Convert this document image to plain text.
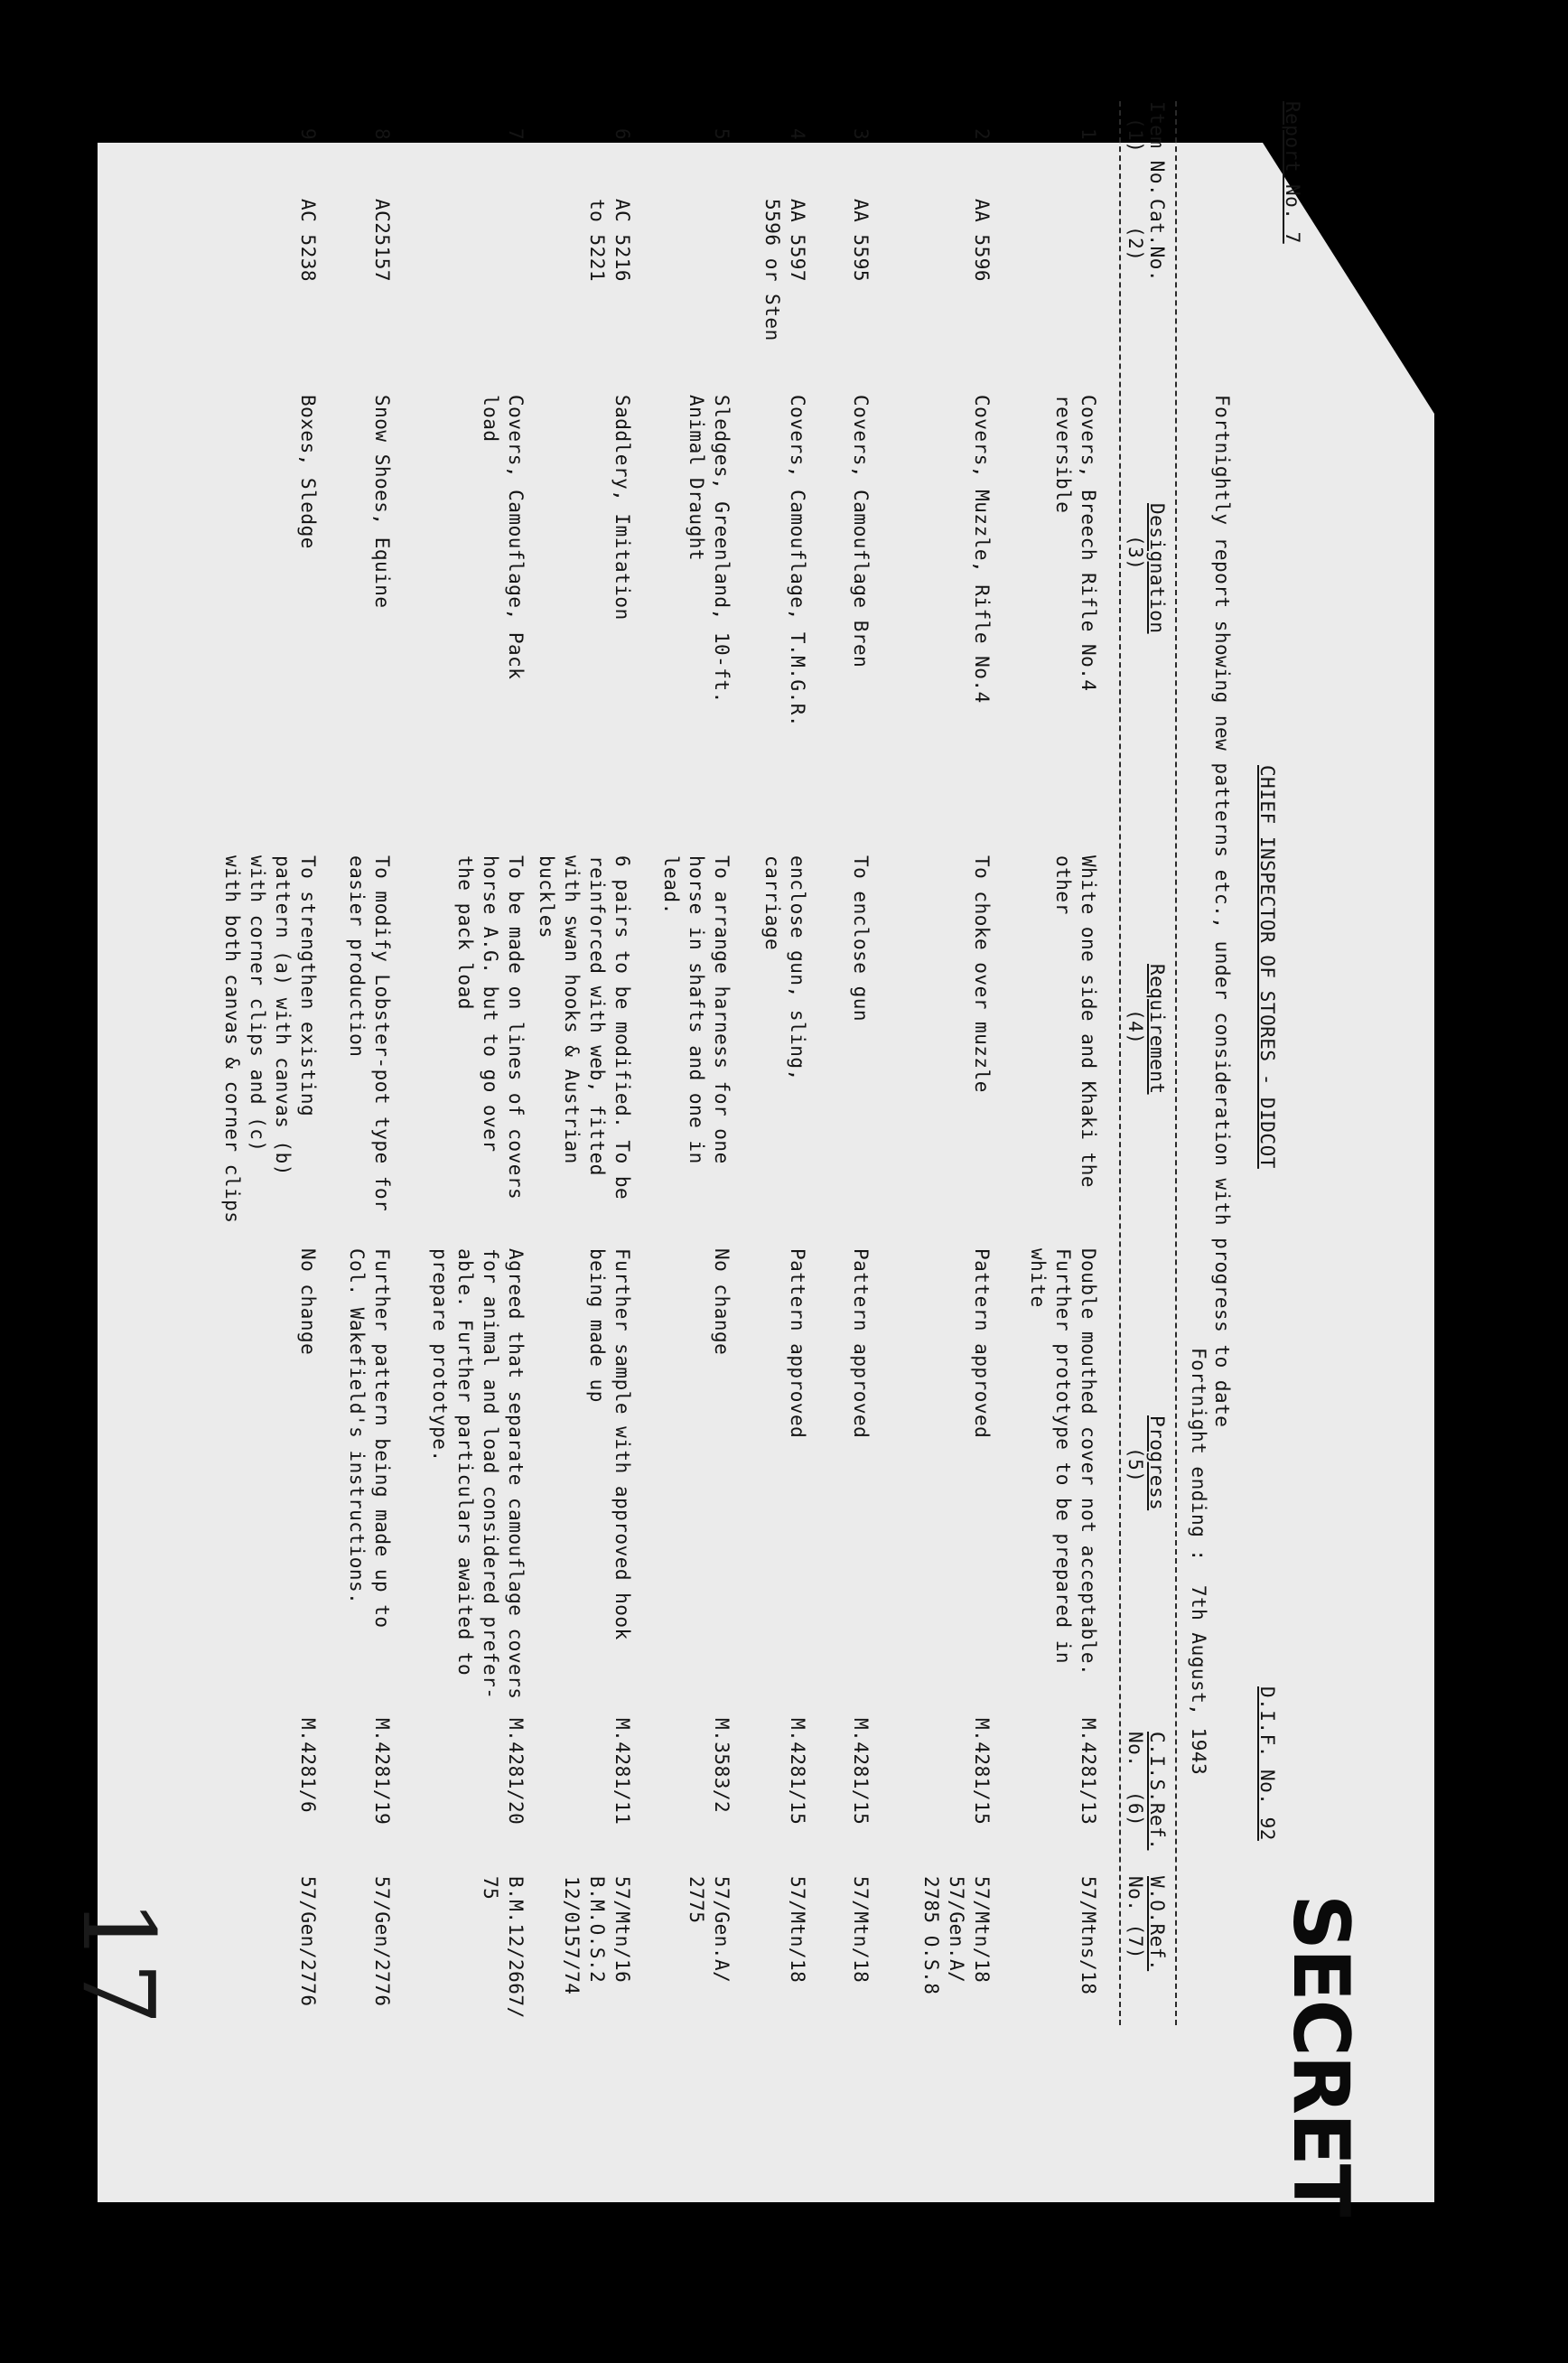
Report No. 7
CHIEF INSPECTOR OF STORES - DIDCOT
D.I.F. No. 92
SECRET
Fortnightly report showing new patterns etc., under consideration with progress to date
Fortnight ending :  7th August, 1943
Item No.
(1)
Cat.No.
(2)
Designation
(3)
Requirement
(4)
Progress
(5)
C.I.S.Ref.
No.  (6)
W.O.Ref.
No. (7)
1
Covers, Breech Rifle No.4
reversible
White one side and Khaki the
other
Double mouthed cover not acceptable.
Further prototype to be prepared in
white
M.4281/13
57/Mtns/18
2
AA 5596
Covers, Muzzle, Rifle No.4
To choke over muzzle
Pattern approved
M.4281/15
57/Mtn/18
57/Gen.A/
2785 O.S.8
3
AA 5595
Covers, Camouflage Bren
To enclose gun
Pattern approved
M.4281/15
57/Mtn/18
4
AA 5597
5596 or Sten
Covers, Camouflage, T.M.G.R.
enclose gun, sling,
carriage
Pattern approved
M.4281/15
57/Mtn/18
5
Sledges, Greenland, 10-ft.
Animal Draught
To arrange harness for one
horse in shafts and one in
lead.
No change
M.3583/2
57/Gen.A/
2775
6
AC 5216
to 5221
Saddlery, Imitation
6 pairs to be modified. To be
reinforced with web, fitted
with swan hooks & Austrian
buckles
Further sample with approved hook
being made up
M.4281/11
57/Mtn/16
B.M.O.S.2
12/0157/74
7
Covers, Camouflage, Pack
load
To be made on lines of covers
horse A.G. but to go over
the pack load
Agreed that separate camouflage covers
for animal and load considered prefer-
able. Further particulars awaited to
prepare prototype.
M.4281/20
B.M.12/2667/
75
8
AC25157
Snow Shoes, Equine
To modify Lobster-pot type for
easier production
Further pattern being made up to
Col. Wakefield's instructions.
M.4281/19
57/Gen/2776
9
AC 5238
Boxes, Sledge
To strengthen existing
pattern (a) with canvas (b)
with corner clips and (c)
with both canvas & corner clips
No change
M.4281/6
57/Gen/2776
17
